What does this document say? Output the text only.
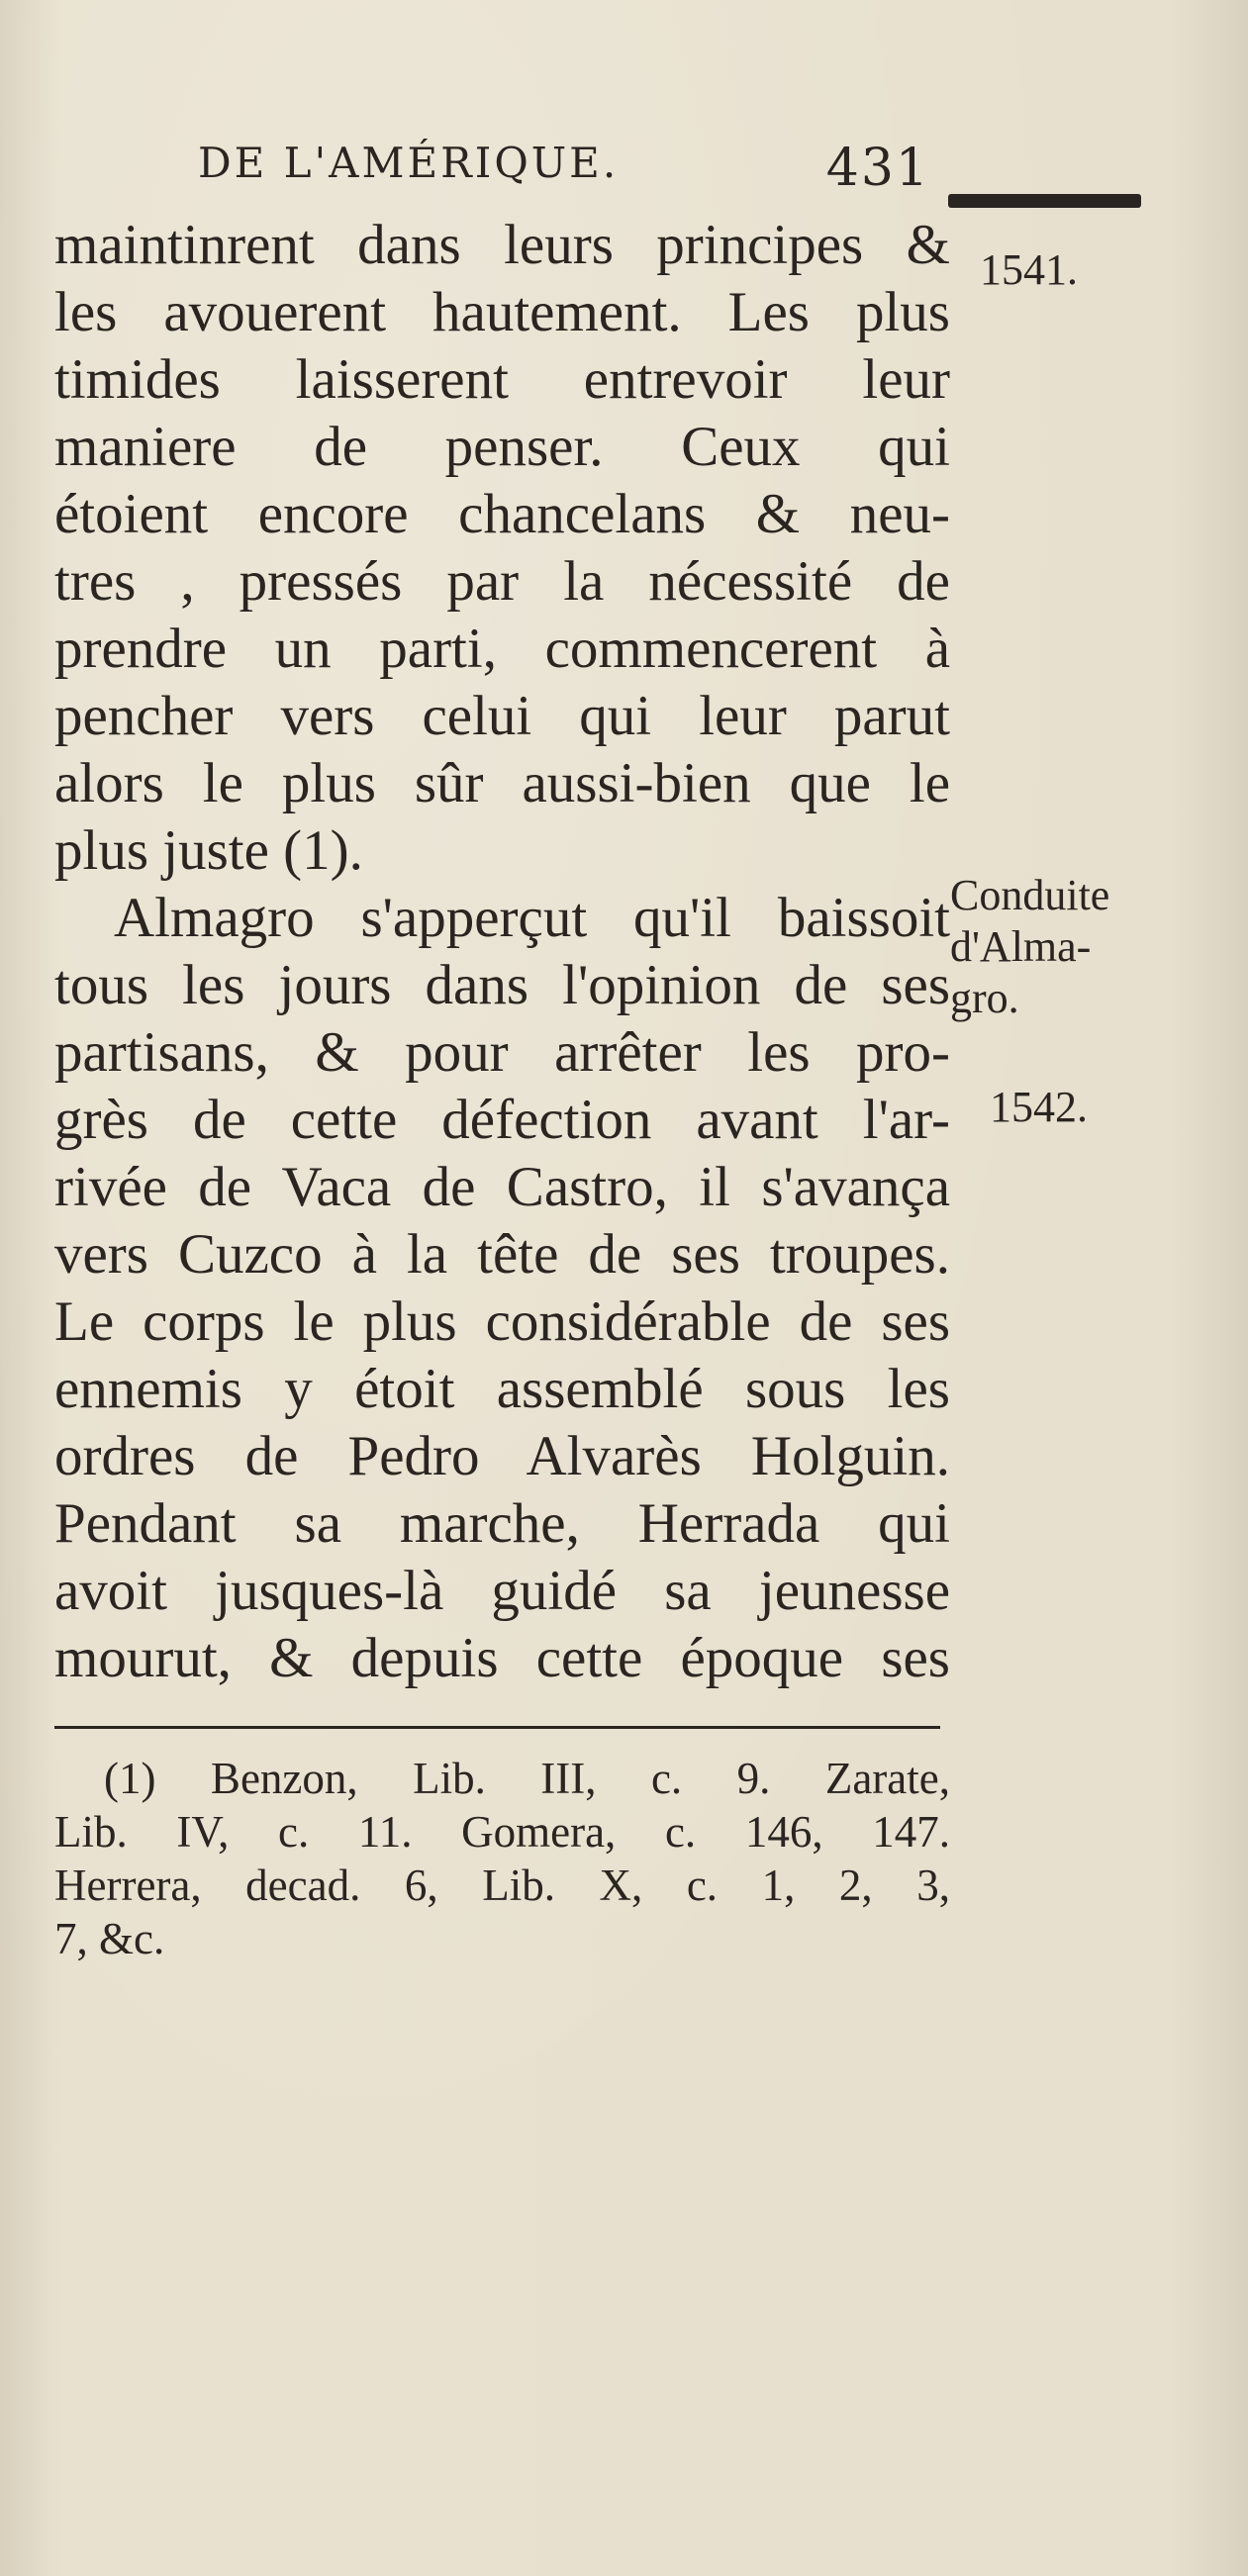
DE L'AMÉRIQUE.	431
1541.
Conduite
d'Alma-
gro.
1542.
maintinrent dans leurs principes &
les avouerent hautement. Les plus
timides laisserent entrevoir leur
maniere de penser. Ceux qui
étoient encore chancelans & neu-
tres , pressés par la nécessité de
prendre un parti, commencerent à
pencher vers celui qui leur parut
alors le plus sûr aussi-bien que le
plus juste (1).
Almagro s'apperçut qu'il baissoit
tous les jours dans l'opinion de ses
partisans, & pour arrêter les pro-
grès de cette défection avant l'ar-
rivée de Vaca de Castro, il s'avança
vers Cuzco à la tête de ses troupes.
Le corps le plus considérable de ses
ennemis y étoit assemblé sous les
ordres de Pedro Alvarès Holguin.
Pendant sa marche, Herrada qui
avoit jusques-là guidé sa jeunesse
mourut, & depuis cette époque ses
(1) Benzon, Lib. III, c. 9. Zarate,
Lib. IV, c. 11. Gomera, c. 146, 147.
Herrera, decad. 6, Lib. X, c. 1, 2, 3,
7, &c.
